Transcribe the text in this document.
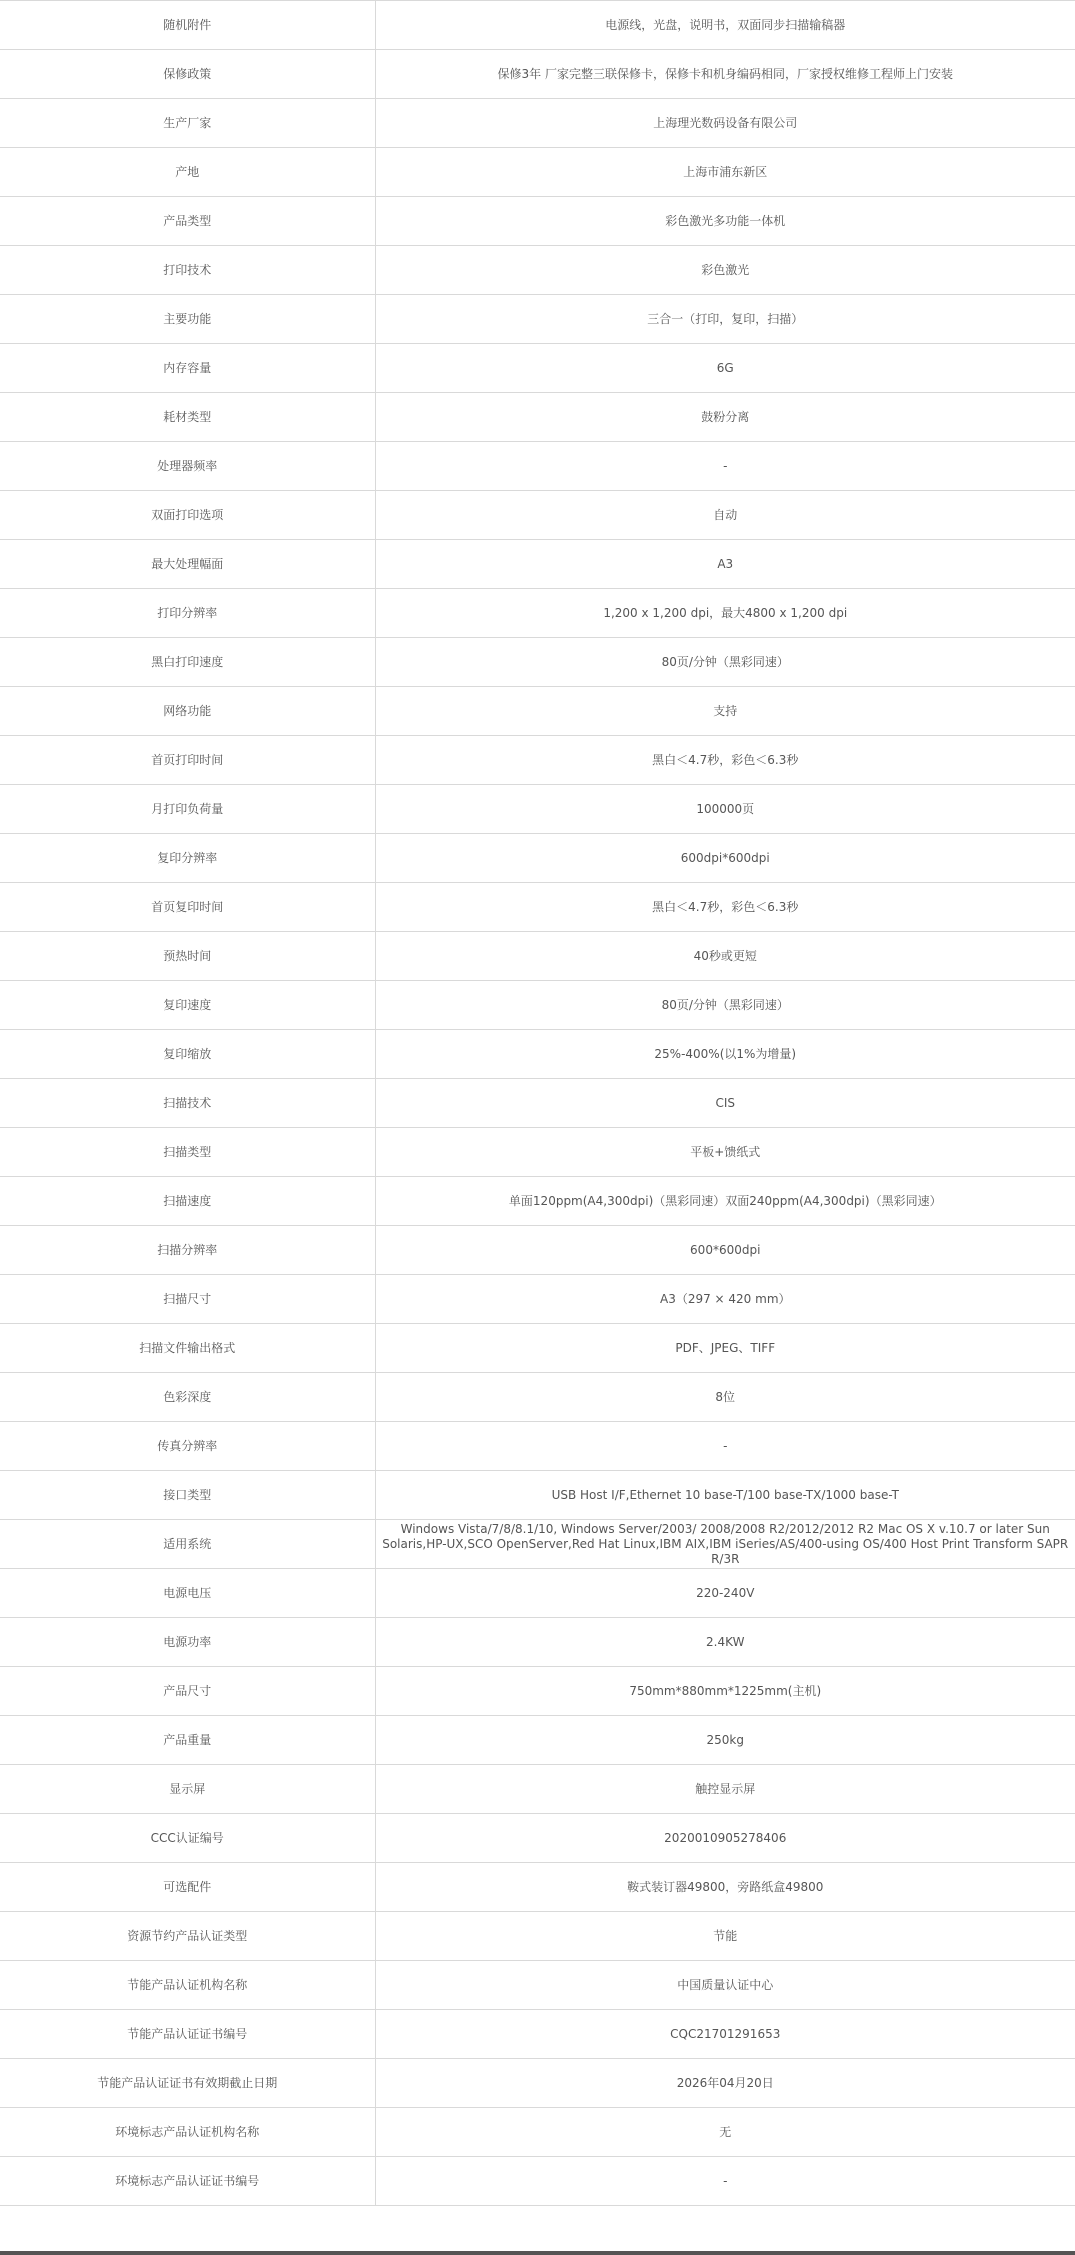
随机附件	电源线，光盘，说明书，双面同步扫描输稿器
保修政策	保修3年 厂家完整三联保修卡，保修卡和机身编码相同，厂家授权维修工程师上门安装
生产厂家	上海理光数码设备有限公司
产地	上海市浦东新区
产品类型	彩色激光多功能一体机
打印技术	彩色激光
主要功能	三合一（打印，复印，扫描）
内存容量	6G
耗材类型	鼓粉分离
处理器频率	-
双面打印选项	自动
最大处理幅面	A3
打印分辨率	1,200 x 1,200 dpi，最大4800 x 1,200 dpi
黑白打印速度	80页/分钟（黑彩同速）
网络功能	支持
首页打印时间	黑白＜4.7秒，彩色＜6.3秒
月打印负荷量	100000页
复印分辨率	600dpi*600dpi
首页复印时间	黑白＜4.7秒，彩色＜6.3秒
预热时间	40秒或更短
复印速度	80页/分钟（黑彩同速）
复印缩放	25%-400%(以1%为增量)
扫描技术	CIS
扫描类型	平板+馈纸式
扫描速度	单面120ppm(A4,300dpi)（黑彩同速）双面240ppm(A4,300dpi)（黑彩同速）
扫描分辨率	600*600dpi
扫描尺寸	A3（297 × 420 mm）
扫描文件输出格式	PDF、JPEG、TIFF
色彩深度	8位
传真分辨率	-
接口类型	USB Host I/F,Ethernet 10 base-T/100 base-TX/1000 base-T
适用系统	Windows Vista/7/8/8.1/10, Windows Server/2003/ 2008/2008 R2/2012/2012 R2 Mac OS X v.10.7 or later Sun Solaris,HP-UX,SCO OpenServer,Red Hat Linux,IBM AIX,IBM iSeries/AS/400-using OS/400 Host Print Transform SAPR R/3R
电源电压	220-240V
电源功率	2.4KW
产品尺寸	750mm*880mm*1225mm(主机)
产品重量	250kg
显示屏	触控显示屏
CCC认证编号	2020010905278406
可选配件	鞍式装订器49800，旁路纸盒49800
资源节约产品认证类型	节能
节能产品认证机构名称	中国质量认证中心
节能产品认证证书编号	CQC21701291653
节能产品认证证书有效期截止日期	2026年04月20日
环境标志产品认证机构名称	无
环境标志产品认证证书编号	-
